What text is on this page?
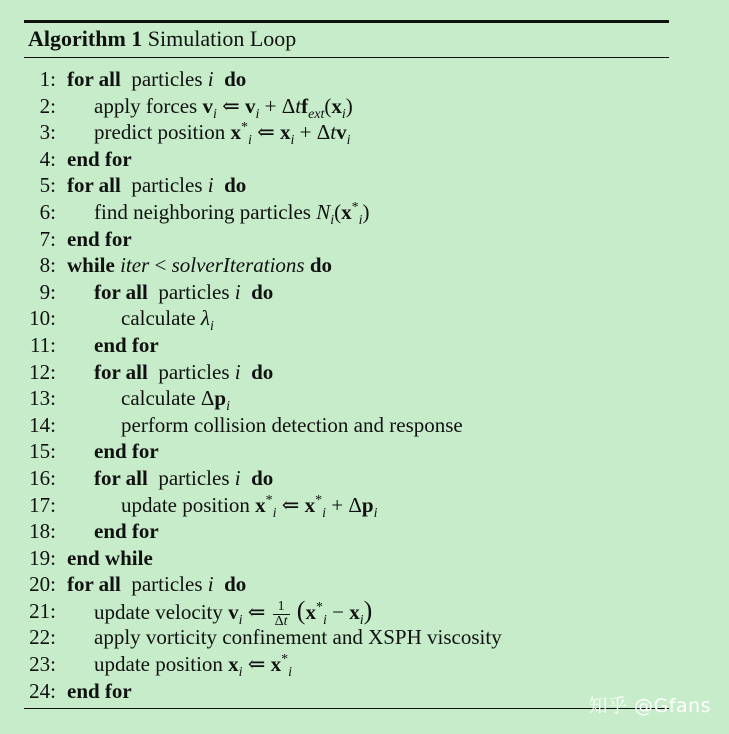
Algorithm 1 Simulation Loop
1: for all particles i do
2:	apply forces $v_i$ ⇐ $v_i + \Delta tf_{ext}(x_i)$
3:	predict position $x^*_i$ ⇐ $x_i + \Delta tv_i$
4: end for
5: for all particles i do
6:	find neighboring particles $N_i(x^*_i)$
7: end for
8: while iter < solverIterations do
9:	for all particles i do
10:	calculate $\lambda_i$
11:	end for
12:	for all particles i do
13:	calculate $\Delta p_i$
14:	perform collision detection and response
15:	end for
16:	for all particles i do
17:	update position $x^*_i$ ⇐ $x^*_i + \Delta p_i$
18:	end for
19: end while
20: for all particles i do
21:	update velocity $v_i$ ⇐ $\frac{1}{\Delta t} (x^*_i - x_i)$
22:	apply vorticity confinement and XSPH viscosity
23:	update position $x_i$ ⇐ $x^*_i$
24: end for
知乎 @Gfans
